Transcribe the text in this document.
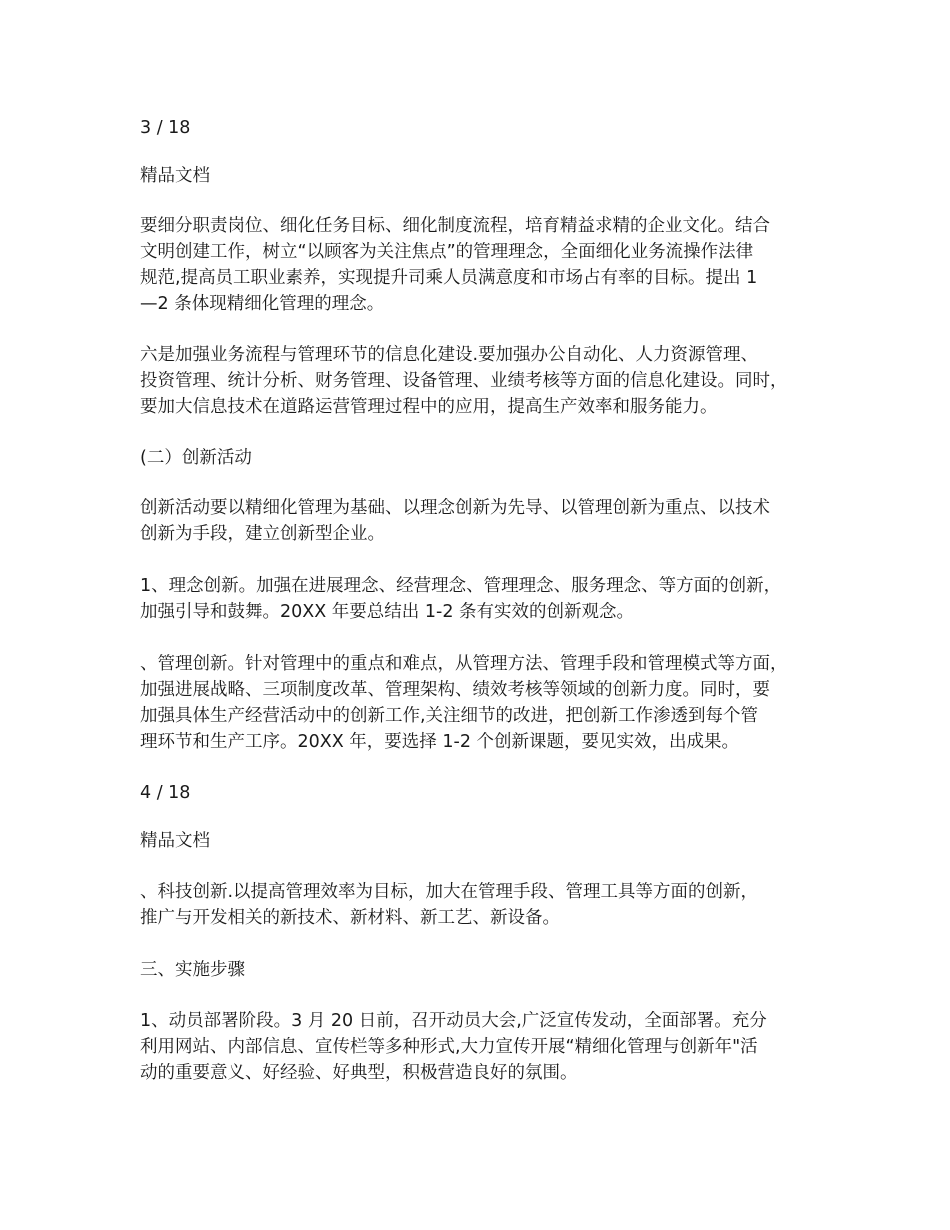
3 / 18

精品文档

要细分职责岗位、细化任务目标、细化制度流程，培育精益求精的企业文化。结合
文明创建工作，树立“以顾客为关注焦点”的管理理念，全面细化业务流操作法律
规范,提高员工职业素养，实现提升司乘人员满意度和市场占有率的目标。提出 1
—2 条体现精细化管理的理念。

六是加强业务流程与管理环节的信息化建设.要加强办公自动化、人力资源管理、
投资管理、统计分析、财务管理、设备管理、业绩考核等方面的信息化建设。同时，
要加大信息技术在道路运营管理过程中的应用，提高生产效率和服务能力。

(二）创新活动

创新活动要以精细化管理为基础、以理念创新为先导、以管理创新为重点、以技术
创新为手段，建立创新型企业。

1、理念创新。加强在进展理念、经营理念、管理理念、服务理念、等方面的创新，
加强引导和鼓舞。20XX 年要总结出 1-2 条有实效的创新观念。

、管理创新。针对管理中的重点和难点，从管理方法、管理手段和管理模式等方面，
加强进展战略、三项制度改革、管理架构、绩效考核等领域的创新力度。同时，要
加强具体生产经营活动中的创新工作,关注细节的改进，把创新工作渗透到每个管
理环节和生产工序。20XX 年，要选择 1-2 个创新课题，要见实效，出成果。

4 / 18

精品文档

、科技创新.以提高管理效率为目标，加大在管理手段、管理工具等方面的创新，
推广与开发相关的新技术、新材料、新工艺、新设备。

三、实施步骤

1、动员部署阶段。3 月 20 日前，召开动员大会,广泛宣传发动，全面部署。充分
利用网站、内部信息、宣传栏等多种形式,大力宣传开展“精细化管理与创新年"活
动的重要意义、好经验、好典型，积极营造良好的氛围。
